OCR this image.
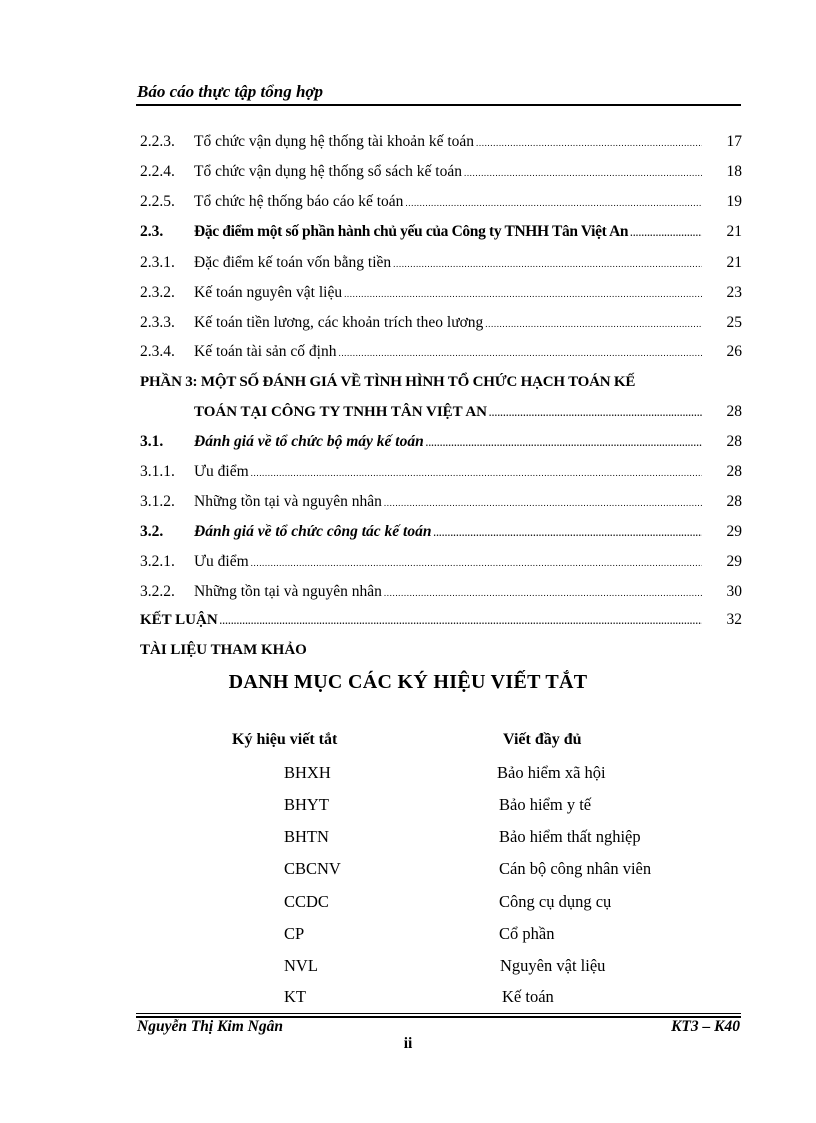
Báo cáo thực tập tổng hợp
2.2.3.	Tổ chức vận dụng hệ thống tài khoản kế toán .....	17
2.2.4.	Tổ chức vận dụng hệ thống sổ sách kế toán .....	18
2.2.5.	Tổ chức hệ thống báo cáo kế toán .....	19
2.3.	Đặc điểm một số phần hành chủ yếu của Công ty TNHH Tân Việt An .....	21
2.3.1.	Đặc điểm kế toán vốn bằng tiền .....	21
2.3.2.	Kế toán nguyên vật liệu .....	23
2.3.3.	Kế toán tiền lương, các khoản trích theo lương .....	25
2.3.4.	Kế toán tài sản cố định .....	26
PHẦN 3: MỘT SỐ ĐÁNH GIÁ VỀ TÌNH HÌNH TỔ CHỨC HẠCH TOÁN KẾ
TOÁN TẠI CÔNG TY TNHH TÂN VIỆT AN .....	28
3.1.	Đánh giá về tổ chức bộ máy kế toán .....	28
3.1.1.	Ưu điểm .....	28
3.1.2.	Những tồn tại và nguyên nhân .....	28
3.2.	Đánh giá về tổ chức công tác kế toán .....	29
3.2.1.	Ưu điểm .....	29
3.2.2.	Những tồn tại và nguyên nhân .....	30
KẾT LUẬN .....	32
TÀI LIỆU THAM KHẢO
DANH MỤC CÁC KÝ HIỆU VIẾT TẮT
Ký hiệu viết tắt	Viết đầy đủ
BHXH	Bảo hiểm xã hội
BHYT	Bảo hiểm y tế
BHTN	Bảo hiểm thất nghiệp
CBCNV	Cán bộ công nhân viên
CCDC	Công cụ dụng cụ
CP	Cổ phần
NVL	Nguyên vật liệu
KT	Kế toán
Nguyễn Thị Kim Ngân	KT3 – K40
ii
